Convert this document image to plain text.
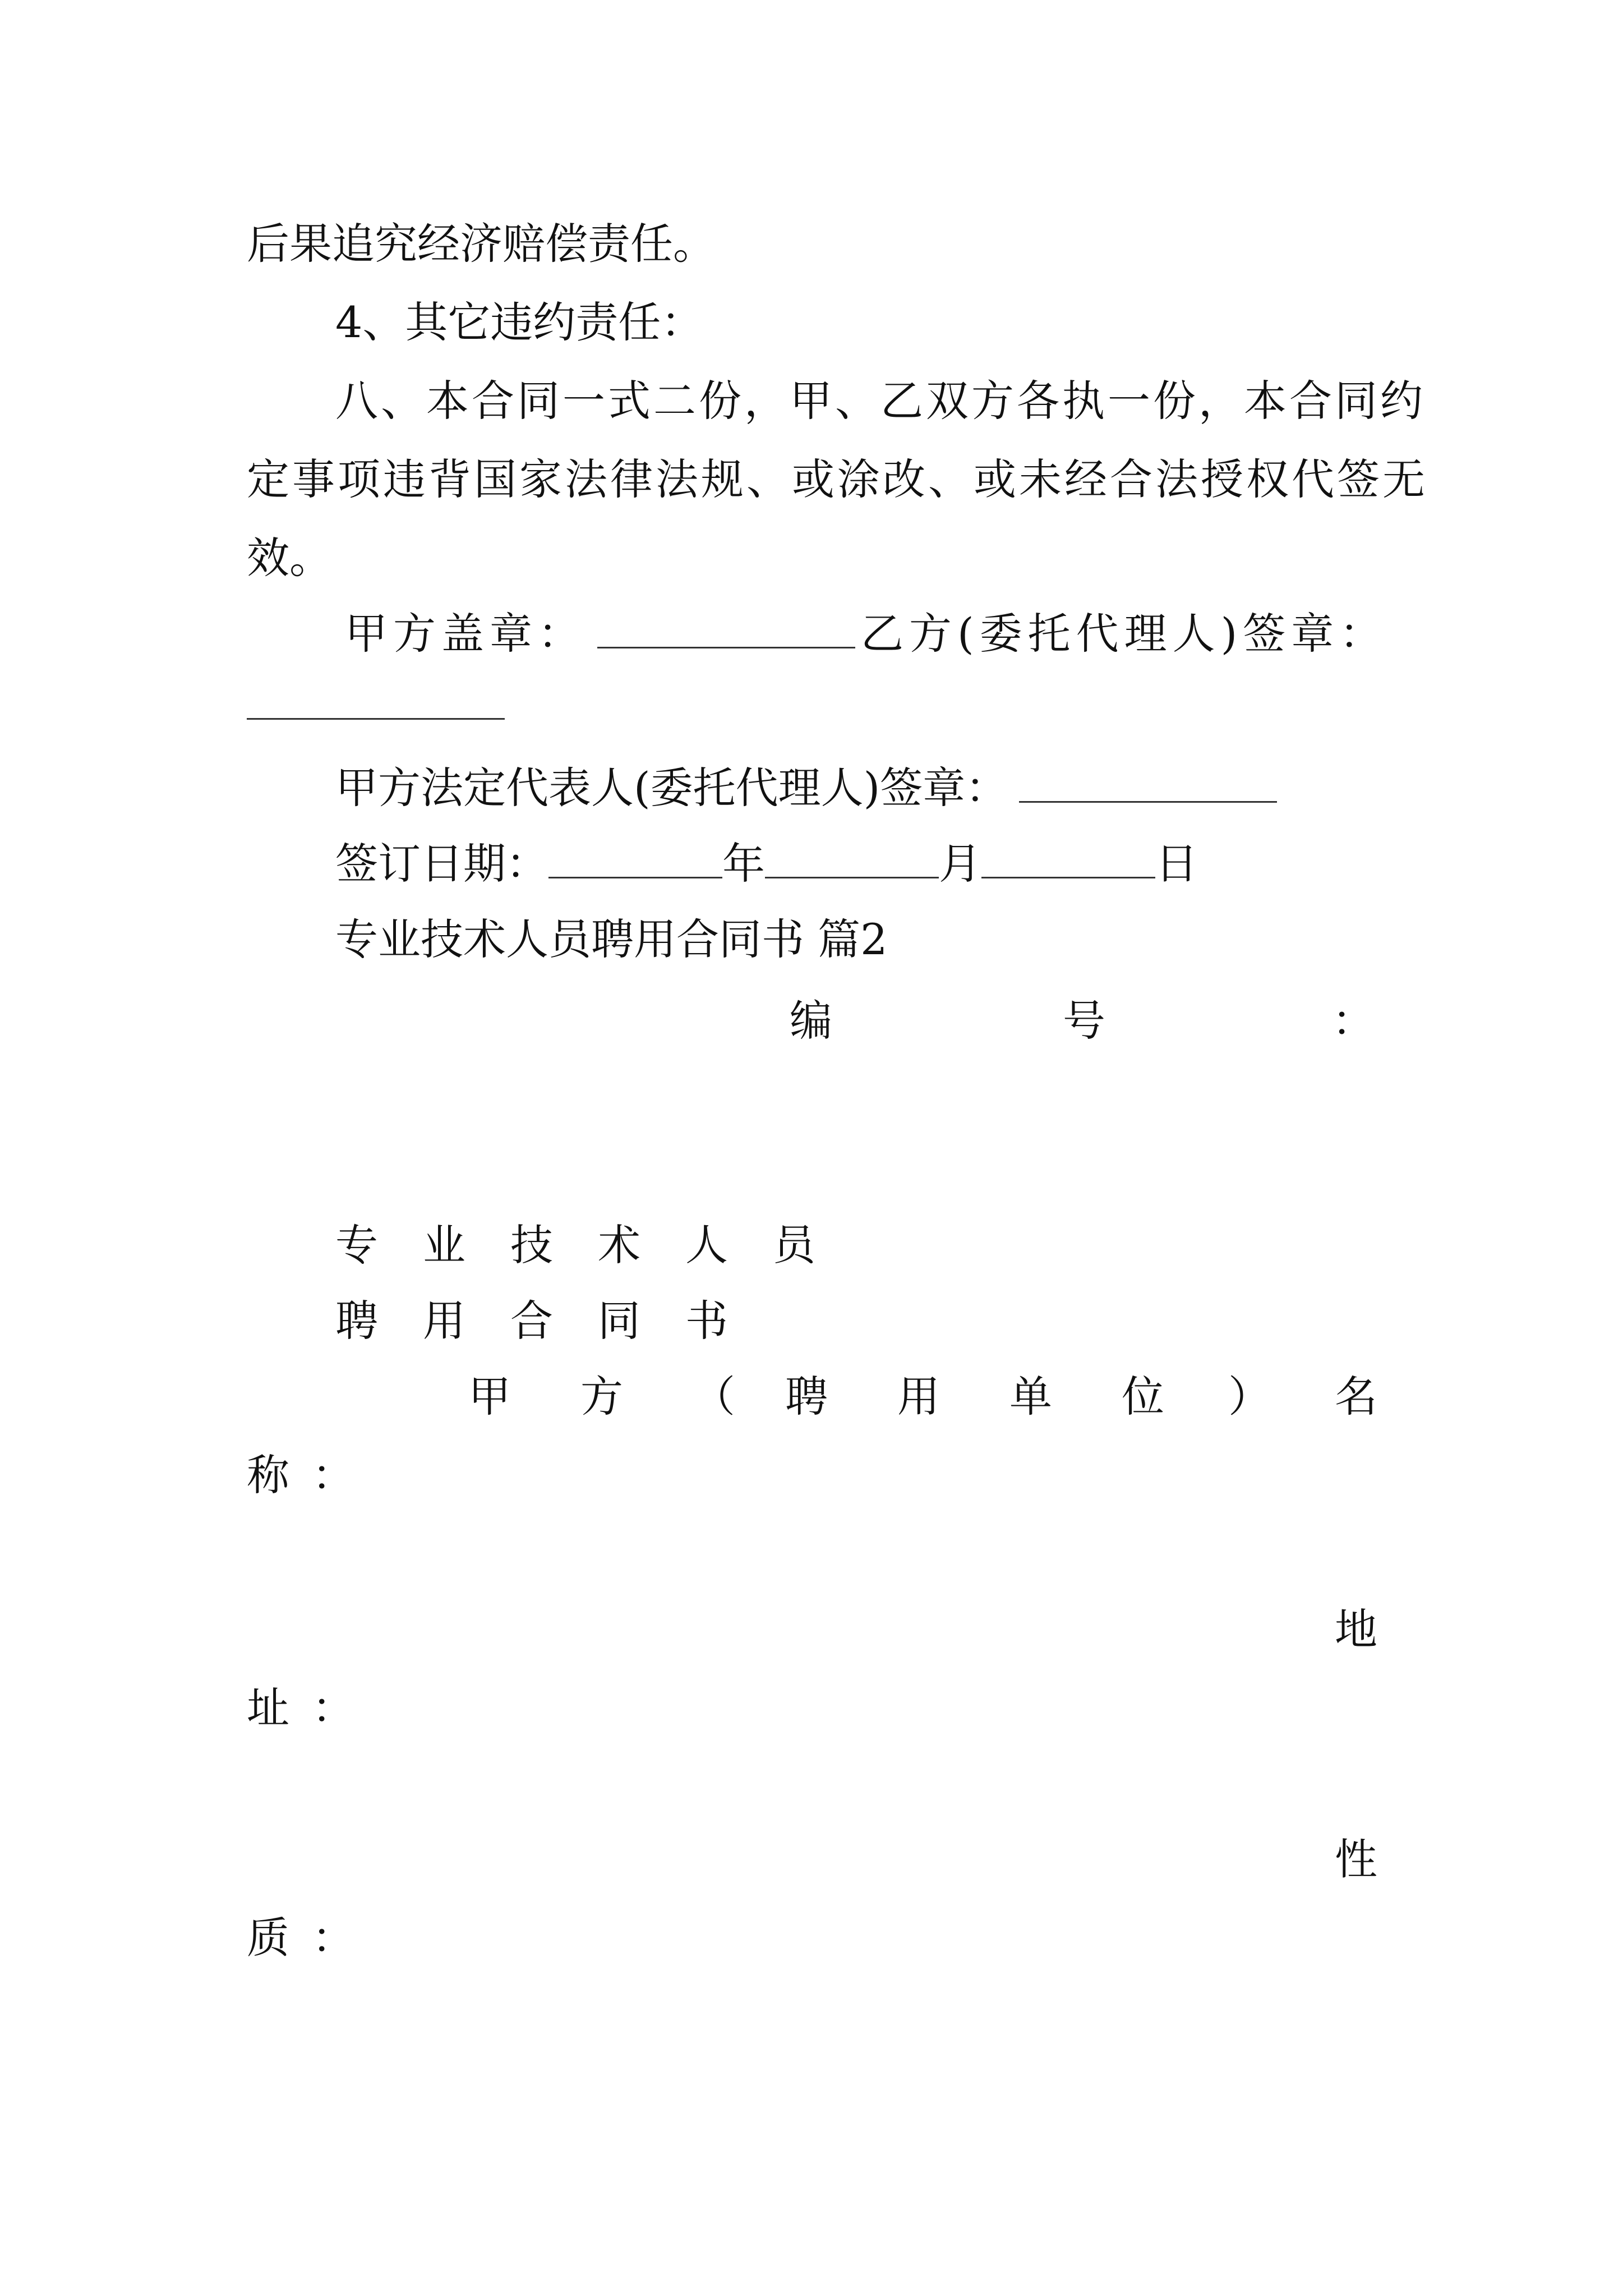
后果追究经济赔偿责任。
4、其它违约责任：
八、本合同一式二份，甲、乙双方各执一份，本合同约
定事项违背国家法律法规、或涂改、或未经合法授权代签无
效。
甲方盖章：	乙方(委托代理人)签章：
甲方法定代表人(委托代理人)签章：
签订日期：	年	月	日
专业技术人员聘用合同书 篇2
编	号	：
专 业 技 术 人 员
聘 用 合 同 书
甲 方 （ 聘 用 单 位 ） 名
称 ：
地
址 ：
性
质 ：
